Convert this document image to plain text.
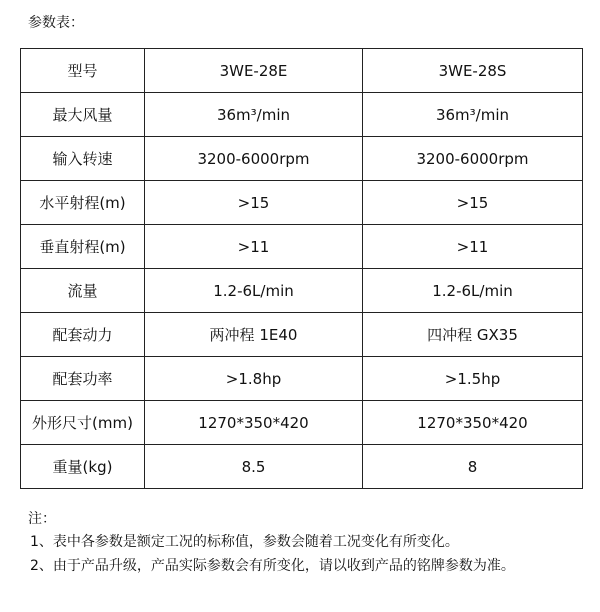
参数表：
型号	3WE-28E	3WE-28S
最大风量	36m³/min	36m³/min
输入转速	3200-6000rpm	3200-6000rpm
水平射程(m)	>15	>15
垂直射程(m)	>11	>11
流量	1.2-6L/min	1.2-6L/min
配套动力	两冲程 1E40	四冲程 GX35
配套功率	>1.8hp	>1.5hp
外形尺寸(mm)	1270*350*420	1270*350*420
重量(kg)	8.5	8
注：
1、表中各参数是额定工况的标称值，参数会随着工况变化有所变化。
2、由于产品升级，产品实际参数会有所变化，请以收到产品的铭牌参数为准。
